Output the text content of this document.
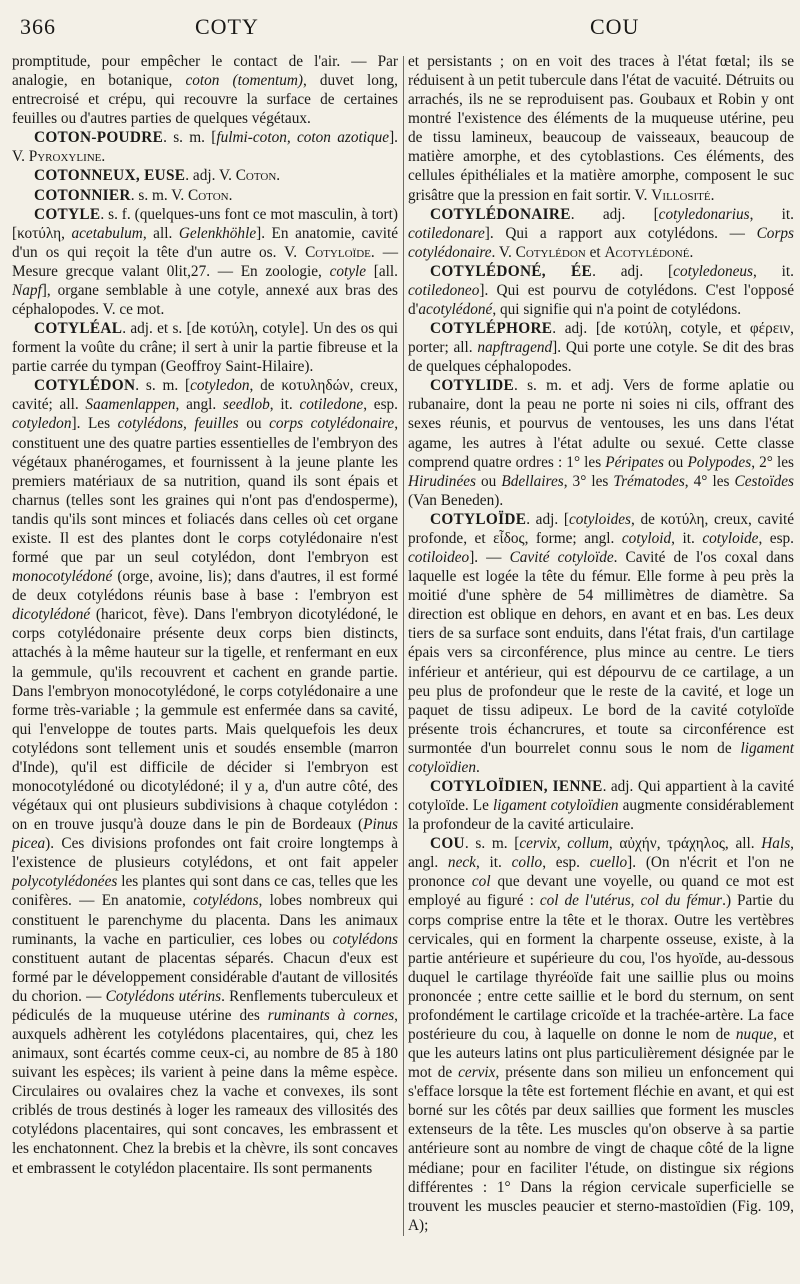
366	COTY	COU

promptitude, pour empêcher le contact de l'air. — Par analogie, en botanique, coton (tomentum), duvet long, entrecroisé et crépu, qui recouvre la surface de certaines feuilles ou d'autres parties de quelques végétaux.

COTON-POUDRE. s. m. [fulmi-coton, coton azotique]. V. Pyroxyline.

COTONNEUX, EUSE. adj. V. Coton.

COTONNIER. s. m. V. Coton.

COTYLE. s. f. (quelques-uns font ce mot masculin, à tort) [κοτύλη, acetabulum, all. Gelenkhöhle]. En anatomie, cavité d'un os qui reçoit la tête d'un autre os. V. Cotyloïde. — Mesure grecque valant 0lit,27. — En zoologie, cotyle [all. Napf], organe semblable à une cotyle, annexé aux bras des céphalopodes. V. ce mot.

COTYLÉAL. adj. et s. [de κοτύλη, cotyle]. Un des os qui forment la voûte du crâne; il sert à unir la partie fibreuse et la partie carrée du tympan (Geoffroy Saint-Hilaire).

COTYLÉDON. s. m. [cotyledon, de κοτυληδών, creux, cavité; all. Saamenlappen, angl. seedlob, it. cotiledone, esp. cotyledon]. Les cotylédons, feuilles ou corps cotylédonaire, constituent une des quatre parties essentielles de l'embryon des végétaux phanérogames, et fournissent à la jeune plante les premiers matériaux de sa nutrition, quand ils sont épais et charnus (telles sont les graines qui n'ont pas d'endosperme), tandis qu'ils sont minces et foliacés dans celles où cet organe existe. Il est des plantes dont le corps cotylédonaire n'est formé que par un seul cotylédon, dont l'embryon est monocotylédoné (orge, avoine, lis); dans d'autres, il est formé de deux cotylédons réunis base à base : l'embryon est dicotylédoné (haricot, fève). Dans l'embryon dicotylédoné, le corps cotylédonaire présente deux corps bien distincts, attachés à la même hauteur sur la tigelle, et renfermant en eux la gemmule, qu'ils recouvrent et cachent en grande partie. Dans l'embryon monocotylédoné, le corps cotylédonaire a une forme très-variable ; la gemmule est enfermée dans sa cavité, qui l'enveloppe de toutes parts. Mais quelquefois les deux cotylédons sont tellement unis et soudés ensemble (marron d'Inde), qu'il est difficile de décider si l'embryon est monocotylédoné ou dicotylédoné; il y a, d'un autre côté, des végétaux qui ont plusieurs subdivisions à chaque cotylédon : on en trouve jusqu'à douze dans le pin de Bordeaux (Pinus picea). Ces divisions profondes ont fait croire longtemps à l'existence de plusieurs cotylédons, et ont fait appeler polycotylédonées les plantes qui sont dans ce cas, telles que les conifères. — En anatomie, cotylédons, lobes nombreux qui constituent le parenchyme du placenta. Dans les animaux ruminants, la vache en particulier, ces lobes ou cotylédons constituent autant de placentas séparés. Chacun d'eux est formé par le développement considérable d'autant de villosités du chorion. — Cotylédons utérins. Renflements tuberculeux et pédiculés de la muqueuse utérine des ruminants à cornes, auxquels adhèrent les cotylédons placentaires, qui, chez les animaux, sont écartés comme ceux-ci, au nombre de 85 à 180 suivant les espèces; ils varient à peine dans la même espèce. Circulaires ou ovalaires chez la vache et convexes, ils sont criblés de trous destinés à loger les rameaux des villosités des cotylédons placentaires, qui sont concaves, les embrassent et les enchatonnent. Chez la brebis et la chèvre, ils sont concaves et embrassent le cotylédon placentaire. Ils sont permanents

et persistants ; on en voit des traces à l'état fœtal; ils se réduisent à un petit tubercule dans l'état de vacuité. Détruits ou arrachés, ils ne se reproduisent pas. Goubaux et Robin y ont montré l'existence des éléments de la muqueuse utérine, peu de tissu lamineux, beaucoup de vaisseaux, beaucoup de matière amorphe, et des cytoblastions. Ces éléments, des cellules épithéliales et la matière amorphe, composent le suc grisâtre que la pression en fait sortir. V. Villosité.

COTYLÉDONAIRE. adj. [cotyledonarius, it. cotiledonare]. Qui a rapport aux cotylédons. — Corps cotylédonaire. V. Cotylédon et Acotylédoné.

COTYLÉDONÉ, ÉE. adj. [cotyledoneus, it. cotiledoneo]. Qui est pourvu de cotylédons. C'est l'opposé d'acotylédoné, qui signifie qui n'a point de cotylédons.

COTYLÉPHORE. adj. [de κοτύλη, cotyle, et φέρειν, porter; all. napftragend]. Qui porte une cotyle. Se dit des bras de quelques céphalopodes.

COTYLIDE. s. m. et adj. Vers de forme aplatie ou rubanaire, dont la peau ne porte ni soies ni cils, offrant des sexes réunis, et pourvus de ventouses, les uns dans l'état agame, les autres à l'état adulte ou sexué. Cette classe comprend quatre ordres : 1° les Péripates ou Polypodes, 2° les Hirudinées ou Bdellaires, 3° les Trématodes, 4° les Cestoïdes (Van Beneden).

COTYLOÏDE. adj. [cotyloides, de κοτύλη, creux, cavité profonde, et εἶδος, forme; angl. cotyloid, it. cotyloide, esp. cotiloideo]. — Cavité cotyloïde. Cavité de l'os coxal dans laquelle est logée la tête du fémur. Elle forme à peu près la moitié d'une sphère de 54 millimètres de diamètre. Sa direction est oblique en dehors, en avant et en bas. Les deux tiers de sa surface sont enduits, dans l'état frais, d'un cartilage épais vers sa circonférence, plus mince au centre. Le tiers inférieur et antérieur, qui est dépourvu de ce cartilage, a un peu plus de profondeur que le reste de la cavité, et loge un paquet de tissu adipeux. Le bord de la cavité cotyloïde présente trois échancrures, et toute sa circonférence est surmontée d'un bourrelet connu sous le nom de ligament cotyloïdien.

COTYLOÏDIEN, IENNE. adj. Qui appartient à la cavité cotyloïde. Le ligament cotyloïdien augmente considérablement la profondeur de la cavité articulaire.

COU. s. m. [cervix, collum, αὐχήν, τράχηλος, all. Hals, angl. neck, it. collo, esp. cuello]. (On n'écrit et l'on ne prononce col que devant une voyelle, ou quand ce mot est employé au figuré : col de l'utérus, col du fémur.) Partie du corps comprise entre la tête et le thorax. Outre les vertèbres cervicales, qui en forment la charpente osseuse, existe, à la partie antérieure et supérieure du cou, l'os hyoïde, au-dessous duquel le cartilage thyréoïde fait une saillie plus ou moins prononcée ; entre cette saillie et le bord du sternum, on sent profondément le cartilage cricoïde et la trachée-artère. La face postérieure du cou, à laquelle on donne le nom de nuque, et que les auteurs latins ont plus particulièrement désignée par le mot de cervix, présente dans son milieu un enfoncement qui s'efface lorsque la tête est fortement fléchie en avant, et qui est borné sur les côtés par deux saillies que forment les muscles extenseurs de la tête. Les muscles qu'on observe à sa partie antérieure sont au nombre de vingt de chaque côté de la ligne médiane; pour en faciliter l'étude, on distingue six régions différentes : 1° Dans la région cervicale superficielle se trouvent les muscles peaucier et sterno-mastoïdien (Fig. 109, A);
